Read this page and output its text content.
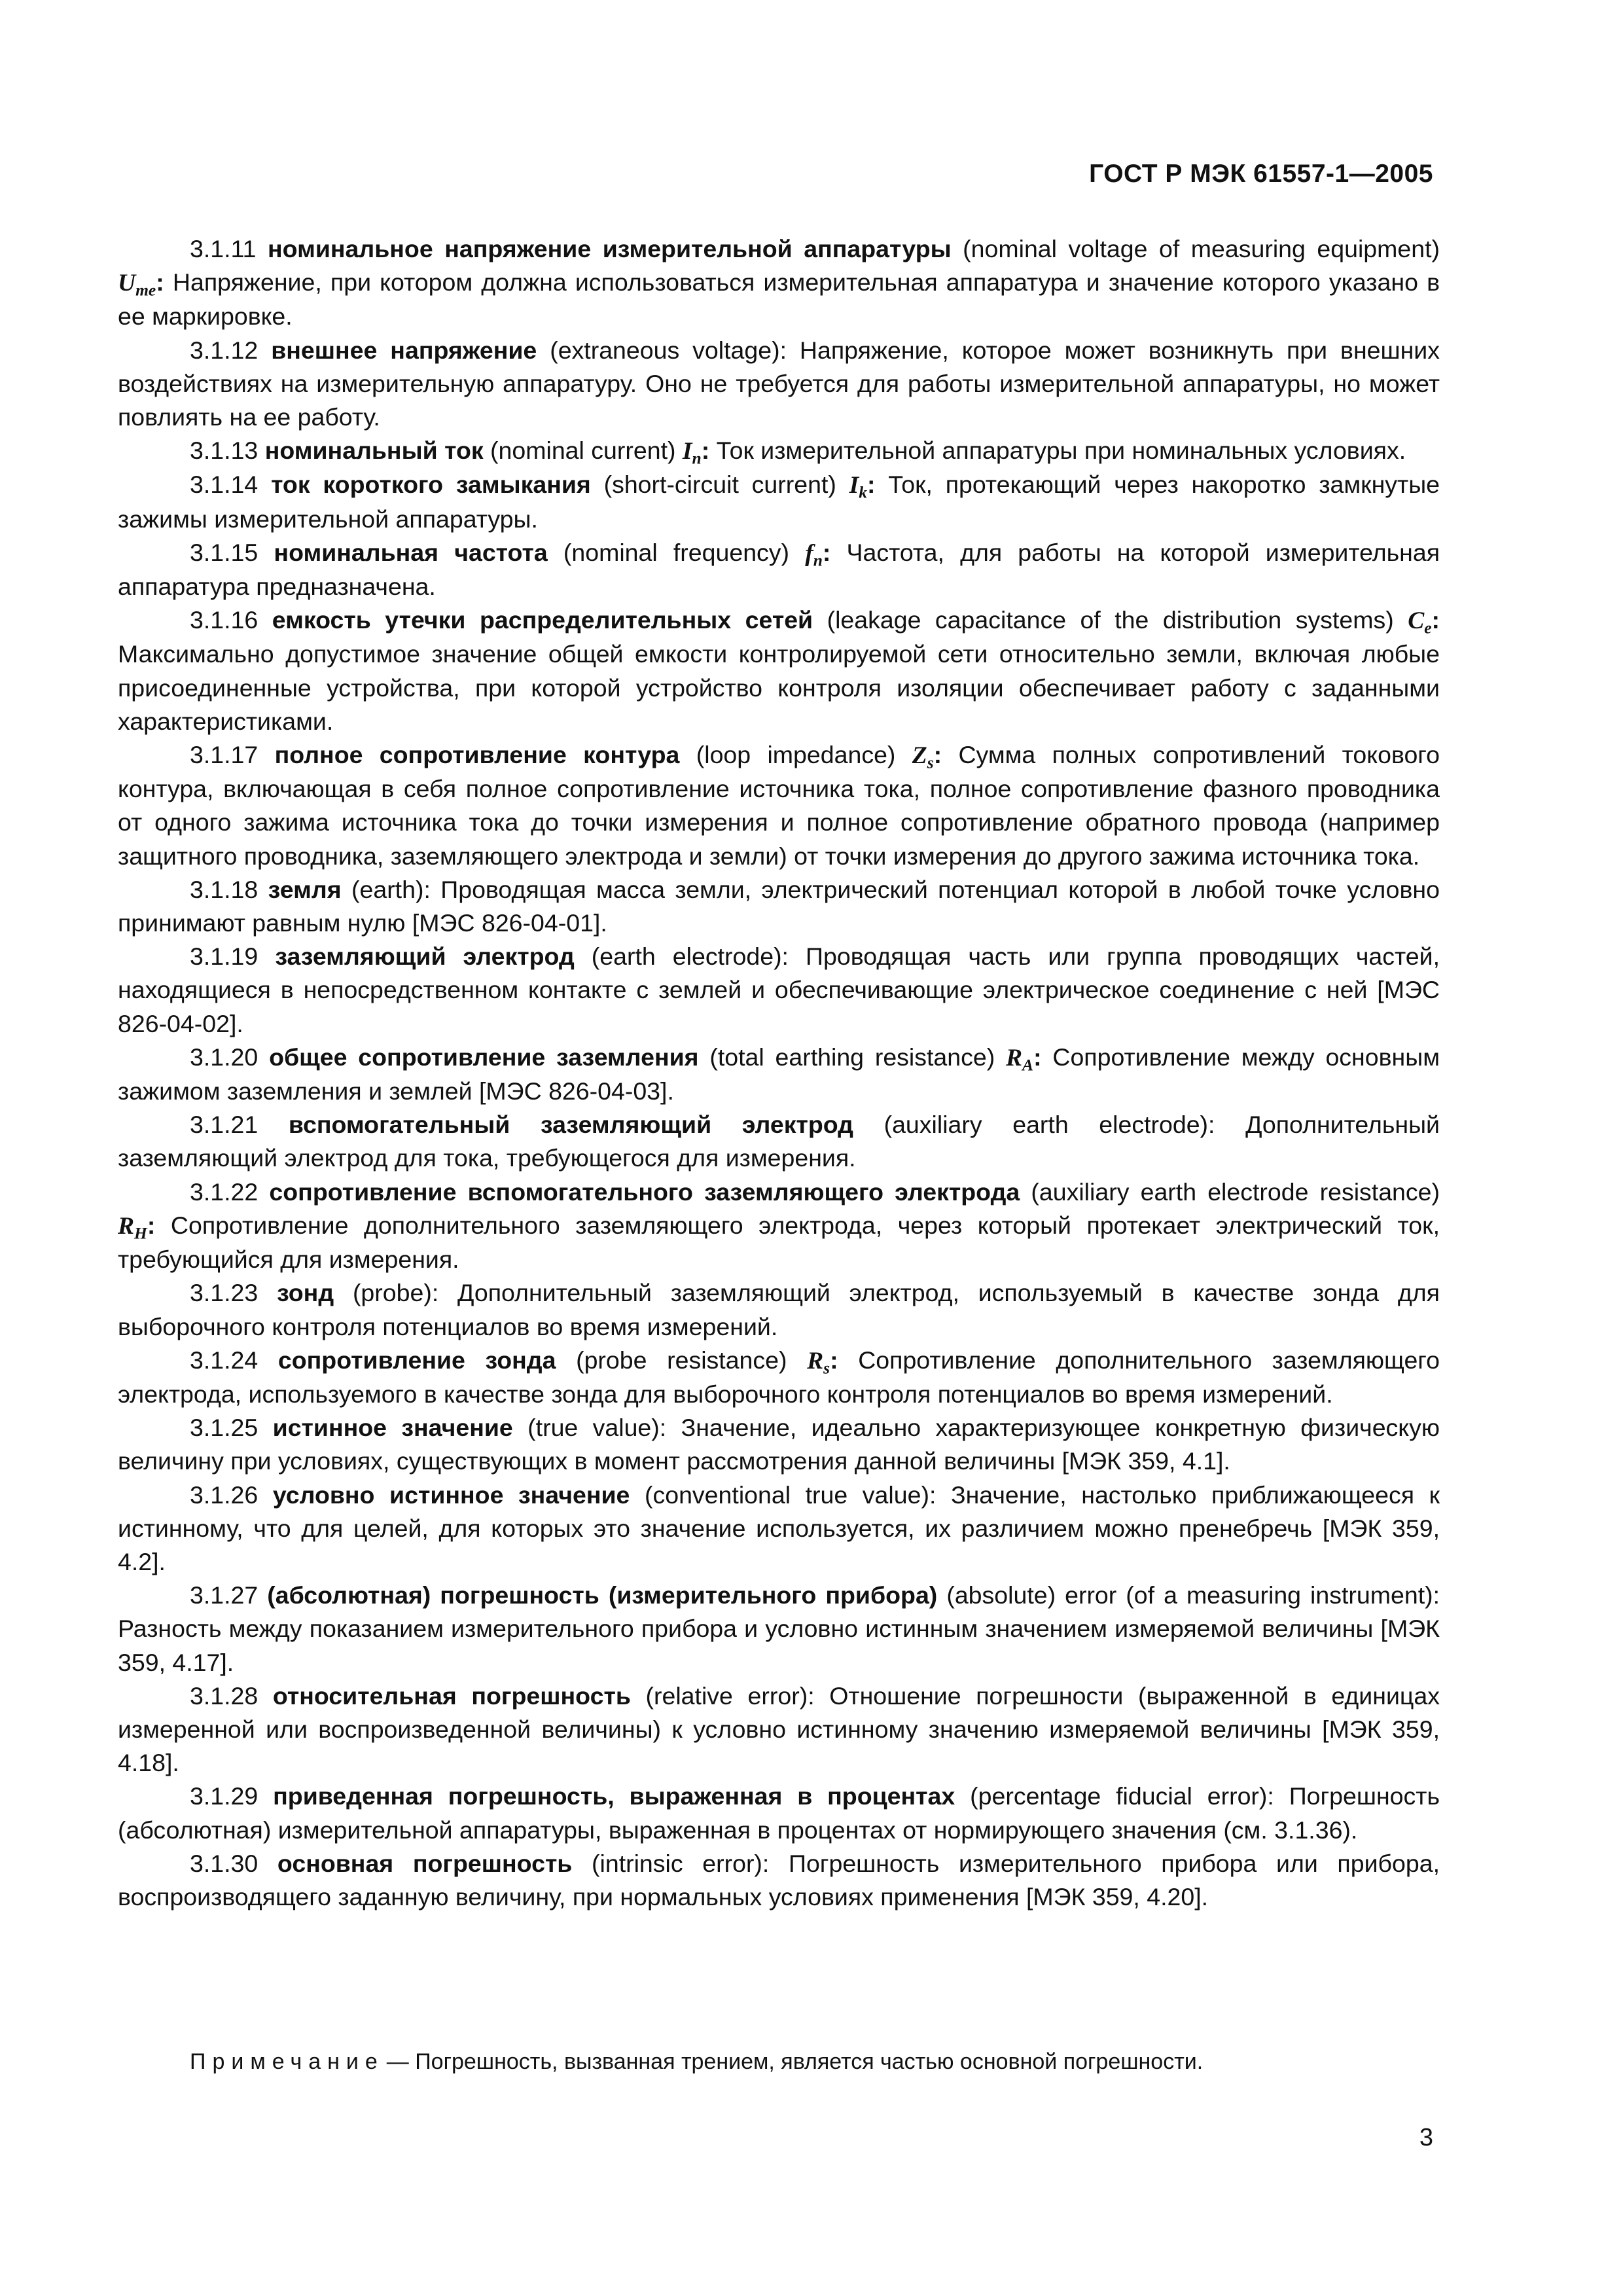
ГОСТ Р МЭК 61557-1—2005

3.1.11 номинальное напряжение измерительной аппаратуры (nominal voltage of measuring equipment) $U_{me}$: Напряжение, при котором должна использоваться измерительная аппаратура и значение которого указано в ее маркировке.

3.1.12 внешнее напряжение (extraneous voltage): Напряжение, которое может возникнуть при внешних воздействиях на измерительную аппаратуру. Оно не требуется для работы измерительной аппаратуры, но может повлиять на ее работу.

3.1.13 номинальный ток (nominal current) $I_n$: Ток измерительной аппаратуры при номинальных условиях.

3.1.14 ток короткого замыкания (short-circuit current) $I_k$: Ток, протекающий через накоротко замкнутые зажимы измерительной аппаратуры.

3.1.15 номинальная частота (nominal frequency) $f_n$: Частота, для работы на которой измерительная аппаратура предназначена.

3.1.16 емкость утечки распределительных сетей (leakage capacitance of the distribution systems) $C_e$: Максимально допустимое значение общей емкости контролируемой сети относительно земли, включая любые присоединенные устройства, при которой устройство контроля изоляции обеспечивает работу с заданными характеристиками.

3.1.17 полное сопротивление контура (loop impedance) $Z_s$: Сумма полных сопротивлений токового контура, включающая в себя полное сопротивление источника тока, полное сопротивление фазного проводника от одного зажима источника тока до точки измерения и полное сопротивление обратного провода (например защитного проводника, заземляющего электрода и земли) от точки измерения до другого зажима источника тока.

3.1.18 земля (earth): Проводящая масса земли, электрический потенциал которой в любой точке условно принимают равным нулю [МЭС 826-04-01].

3.1.19 заземляющий электрод (earth electrode): Проводящая часть или группа проводящих частей, находящиеся в непосредственном контакте с землей и обеспечивающие электрическое соединение с ней [МЭС 826-04-02].

3.1.20 общее сопротивление заземления (total earthing resistance) $R_A$: Сопротивление между основным зажимом заземления и землей [МЭС 826-04-03].

3.1.21 вспомогательный заземляющий электрод (auxiliary earth electrode): Дополнительный заземляющий электрод для тока, требующегося для измерения.

3.1.22 сопротивление вспомогательного заземляющего электрода (auxiliary earth electrode resistance) $R_H$: Сопротивление дополнительного заземляющего электрода, через который протекает электрический ток, требующийся для измерения.

3.1.23 зонд (probe): Дополнительный заземляющий электрод, используемый в качестве зонда для выборочного контроля потенциалов во время измерений.

3.1.24 сопротивление зонда (probe resistance) $R_s$: Сопротивление дополнительного заземляющего электрода, используемого в качестве зонда для выборочного контроля потенциалов во время измерений.

3.1.25 истинное значение (true value): Значение, идеально характеризующее конкретную физическую величину при условиях, существующих в момент рассмотрения данной величины [МЭК 359, 4.1].

3.1.26 условно истинное значение (conventional true value): Значение, настолько приближающееся к истинному, что для целей, для которых это значение используется, их различием можно пренебречь [МЭК 359, 4.2].

3.1.27 (абсолютная) погрешность (измерительного прибора) (absolute) error (of a measuring instrument): Разность между показанием измерительного прибора и условно истинным значением измеряемой величины [МЭК 359, 4.17].

3.1.28 относительная погрешность (relative error): Отношение погрешности (выраженной в единицах измеренной или воспроизведенной величины) к условно истинному значению измеряемой величины [МЭК 359, 4.18].

3.1.29 приведенная погрешность, выраженная в процентах (percentage fiducial error): Погрешность (абсолютная) измерительной аппаратуры, выраженная в процентах от нормирующего значения (см. 3.1.36).

3.1.30 основная погрешность (intrinsic error): Погрешность измерительного прибора или прибора, воспроизводящего заданную величину, при нормальных условиях применения [МЭК 359, 4.20].

Примечание — Погрешность, вызванная трением, является частью основной погрешности.

3
